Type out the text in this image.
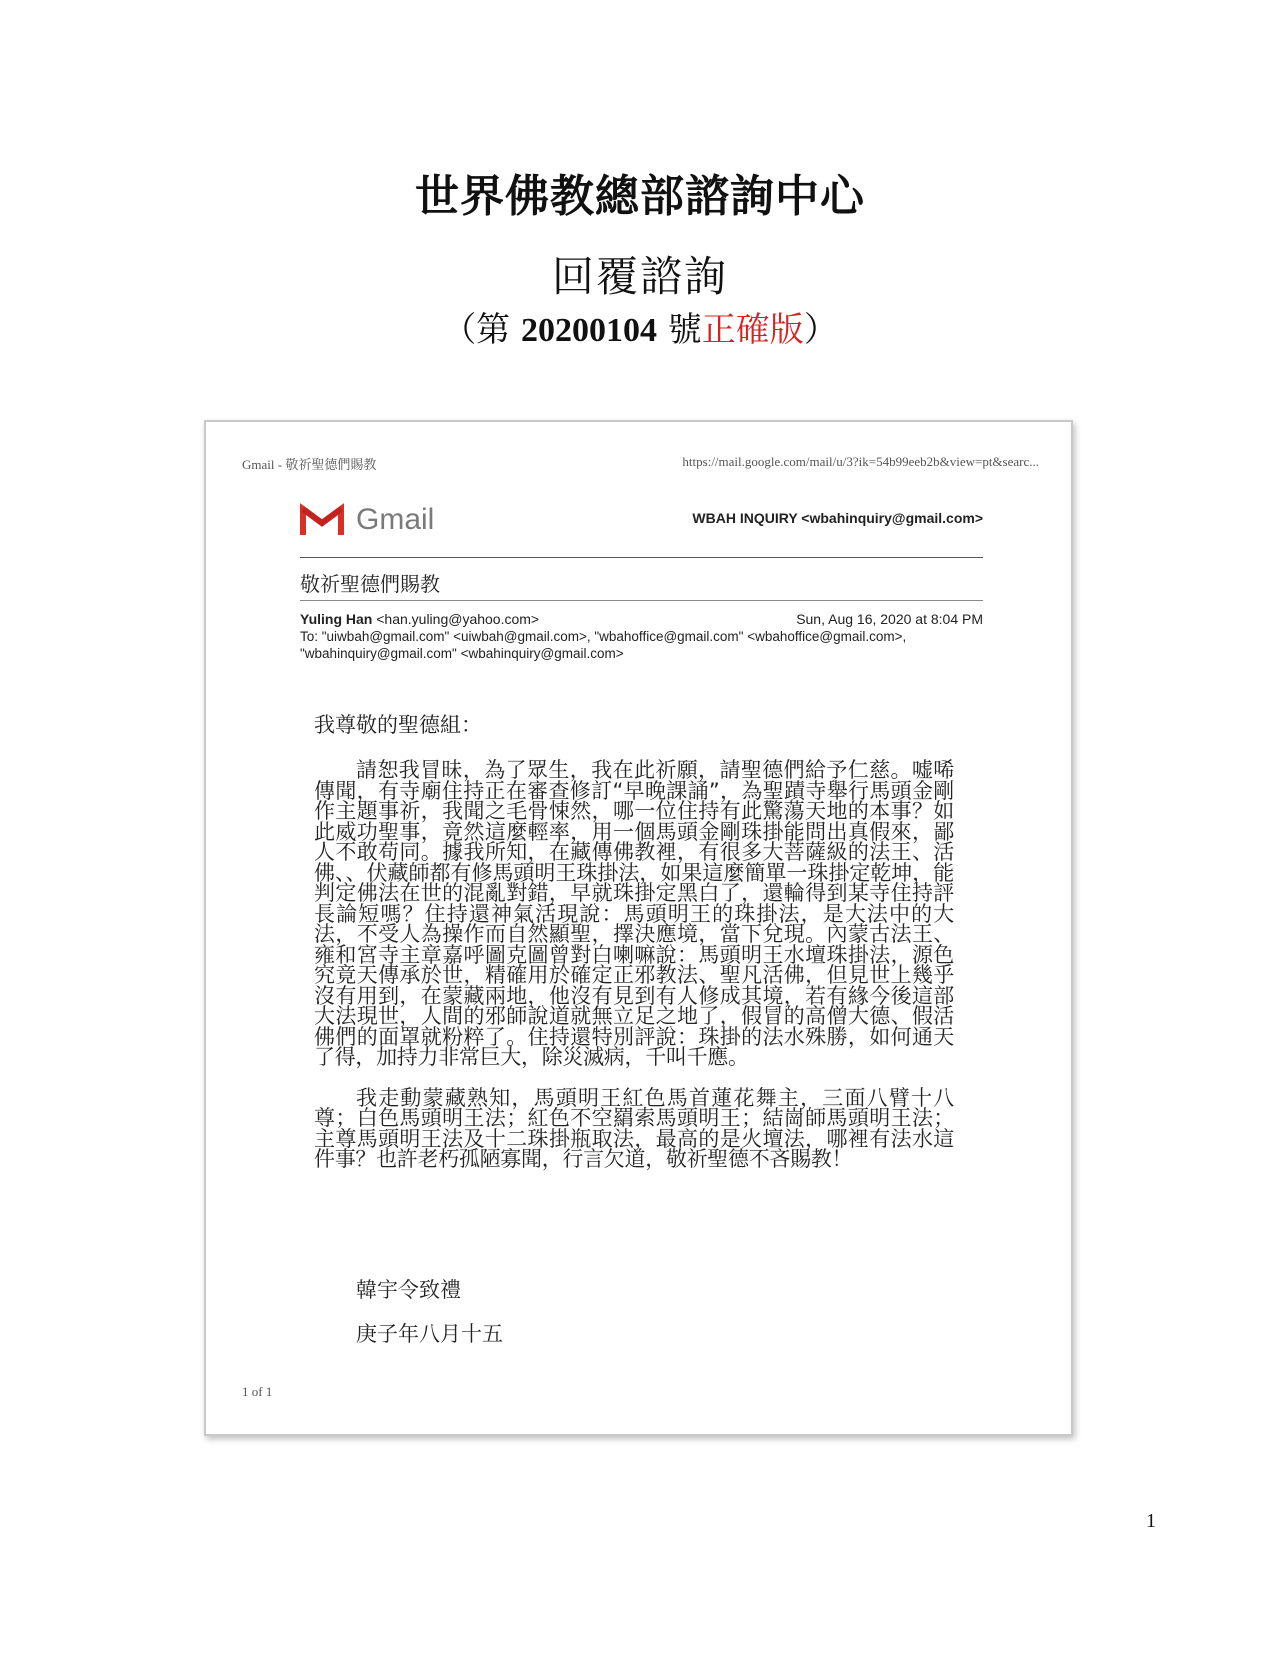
世界佛教總部諮詢中心
回覆諮詢
（第 20200104 號正確版）
Gmail - 敬祈聖德們賜教	https://mail.google.com/mail/u/3?ik=54b99eeb2b&view=pt&searc...
Gmail	WBAH INQUIRY <wbahinquiry@gmail.com>
敬祈聖德們賜教
Yuling Han <han.yuling@yahoo.com>	Sun, Aug 16, 2020 at 8:04 PM
To: "uiwbah@gmail.com" <uiwbah@gmail.com>, "wbahoffice@gmail.com" <wbahoffice@gmail.com>,
"wbahinquiry@gmail.com" <wbahinquiry@gmail.com>

我尊敬的聖德組：

請恕我冒昧，為了眾生，我在此祈願，請聖德們給予仁慈。嘘唏傳聞，有寺廟住持正在審查修訂“早晚課誦”，為聖蹟寺舉行馬頭金剛作主題事祈，我聞之毛骨悚然，哪一位住持有此驚蕩天地的本事？如此威功聖事，竟然這麼輕率，用一個馬頭金剛珠掛能問出真假來，鄙人不敢苟同。據我所知，在藏傳佛教裡，有很多大菩薩級的法王、活佛、、伏藏師都有修馬頭明王珠掛法，如果這麼簡單一珠掛定乾坤，能判定佛法在世的混亂對錯，早就珠掛定黑白了，還輪得到某寺住持評長論短嗎？住持還神氣活現說：馬頭明王的珠掛法，是大法中的大法，不受人為操作而自然顯聖，擇決應境，當下兌現。內蒙古法王、雍和宮寺主章嘉呼圖克圖曾對白喇嘛說：馬頭明王水壇珠掛法，源色究竟天傳承於世，精確用於確定正邪教法、聖凡活佛，但見世上幾乎沒有用到，在蒙藏兩地，他沒有見到有人修成其境，若有緣今後這部大法現世，人間的邪師說道就無立足之地了，假冒的高僧大德、假活佛們的面罩就粉粹了。住持還特別評說：珠掛的法水殊勝，如何通天了得，加持力非常巨大，除災滅病，千叫千應。

我走動蒙藏熟知，馬頭明王紅色馬首蓮花舞主，三面八臂十八尊；白色馬頭明王法；紅色不空羂索馬頭明王；結崗師馬頭明王法；主尊馬頭明王法及十二珠掛瓶取法，最高的是火壇法，哪裡有法水這件事？也許老朽孤陋寡聞，行言欠道，敬祈聖德不吝賜教！

韓宇令致禮
庚子年八月十五
1 of 1
1
